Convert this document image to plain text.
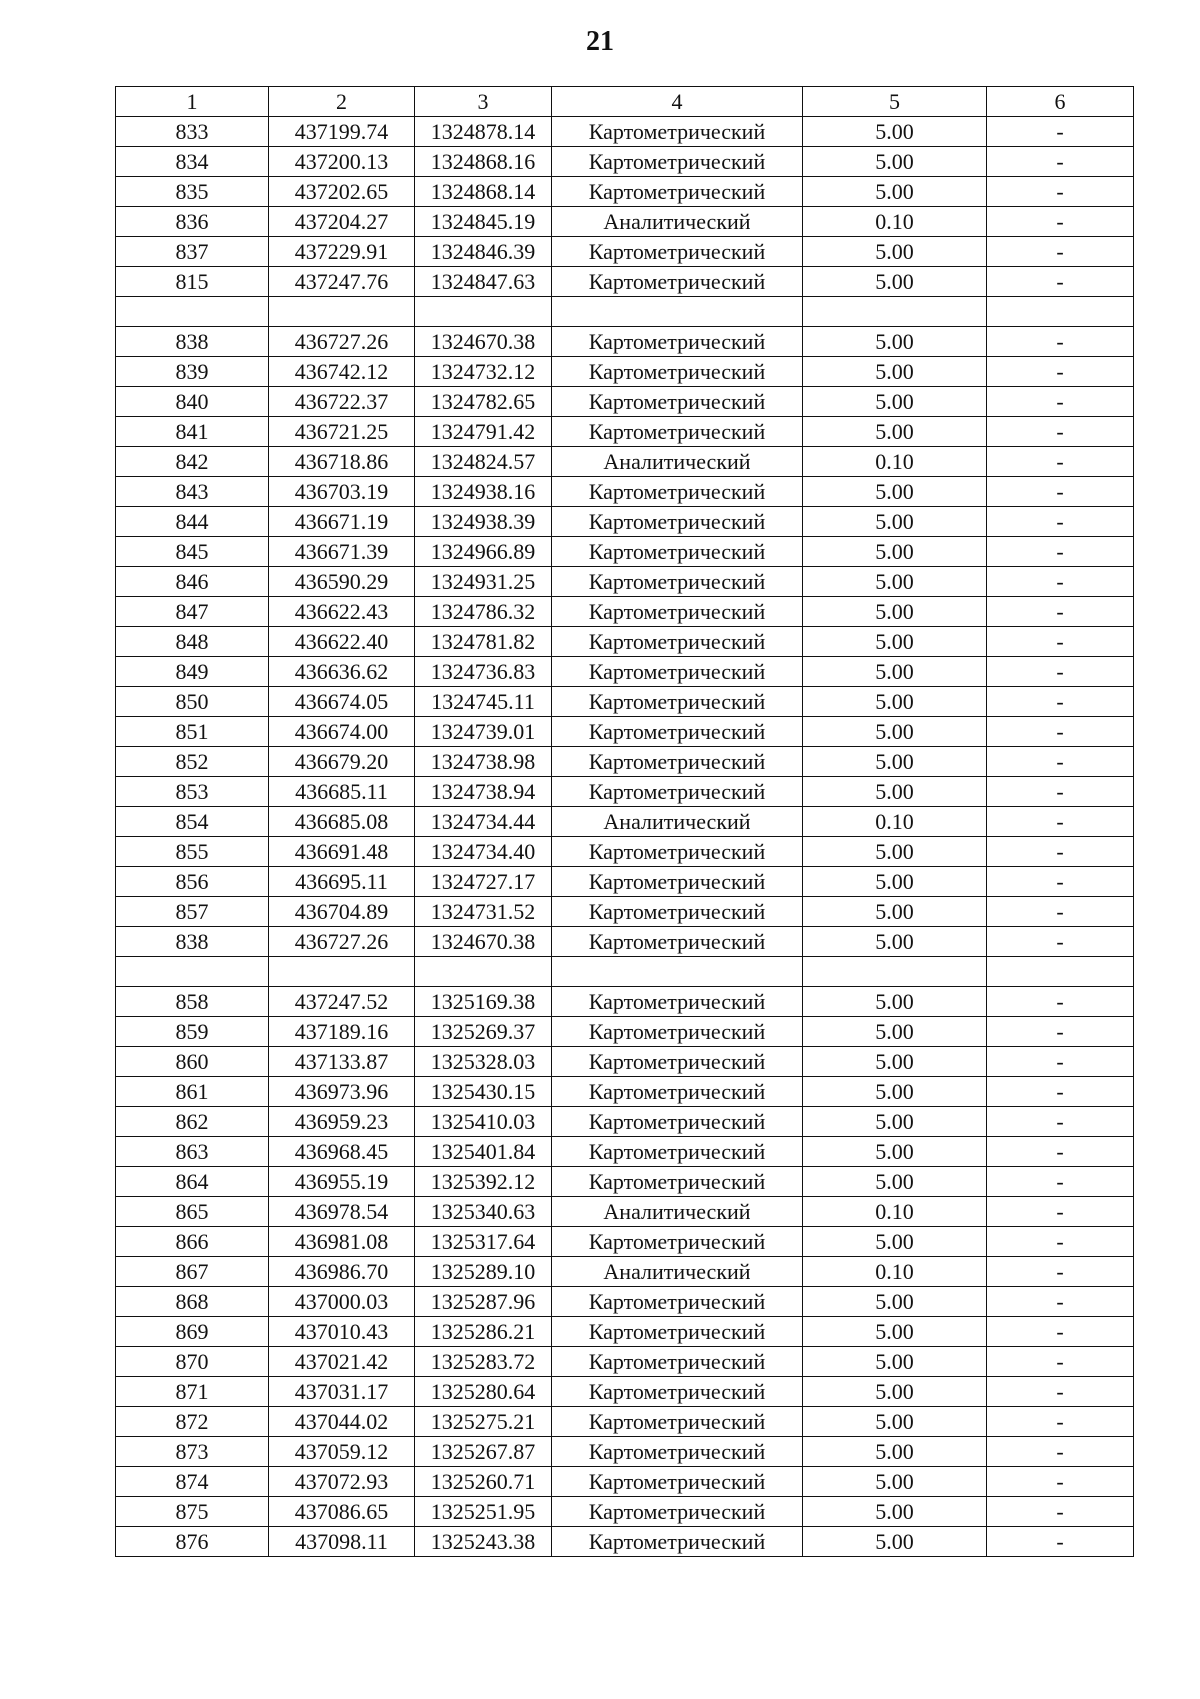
21
1	2	3	4	5	6
833	437199.74	1324878.14	Картометрический	5.00	-
834	437200.13	1324868.16	Картометрический	5.00	-
835	437202.65	1324868.14	Картометрический	5.00	-
836	437204.27	1324845.19	Аналитический	0.10	-
837	437229.91	1324846.39	Картометрический	5.00	-
815	437247.76	1324847.63	Картометрический	5.00	-

838	436727.26	1324670.38	Картометрический	5.00	-
839	436742.12	1324732.12	Картометрический	5.00	-
840	436722.37	1324782.65	Картометрический	5.00	-
841	436721.25	1324791.42	Картометрический	5.00	-
842	436718.86	1324824.57	Аналитический	0.10	-
843	436703.19	1324938.16	Картометрический	5.00	-
844	436671.19	1324938.39	Картометрический	5.00	-
845	436671.39	1324966.89	Картометрический	5.00	-
846	436590.29	1324931.25	Картометрический	5.00	-
847	436622.43	1324786.32	Картометрический	5.00	-
848	436622.40	1324781.82	Картометрический	5.00	-
849	436636.62	1324736.83	Картометрический	5.00	-
850	436674.05	1324745.11	Картометрический	5.00	-
851	436674.00	1324739.01	Картометрический	5.00	-
852	436679.20	1324738.98	Картометрический	5.00	-
853	436685.11	1324738.94	Картометрический	5.00	-
854	436685.08	1324734.44	Аналитический	0.10	-
855	436691.48	1324734.40	Картометрический	5.00	-
856	436695.11	1324727.17	Картометрический	5.00	-
857	436704.89	1324731.52	Картометрический	5.00	-
838	436727.26	1324670.38	Картометрический	5.00	-

858	437247.52	1325169.38	Картометрический	5.00	-
859	437189.16	1325269.37	Картометрический	5.00	-
860	437133.87	1325328.03	Картометрический	5.00	-
861	436973.96	1325430.15	Картометрический	5.00	-
862	436959.23	1325410.03	Картометрический	5.00	-
863	436968.45	1325401.84	Картометрический	5.00	-
864	436955.19	1325392.12	Картометрический	5.00	-
865	436978.54	1325340.63	Аналитический	0.10	-
866	436981.08	1325317.64	Картометрический	5.00	-
867	436986.70	1325289.10	Аналитический	0.10	-
868	437000.03	1325287.96	Картометрический	5.00	-
869	437010.43	1325286.21	Картометрический	5.00	-
870	437021.42	1325283.72	Картометрический	5.00	-
871	437031.17	1325280.64	Картометрический	5.00	-
872	437044.02	1325275.21	Картометрический	5.00	-
873	437059.12	1325267.87	Картометрический	5.00	-
874	437072.93	1325260.71	Картометрический	5.00	-
875	437086.65	1325251.95	Картометрический	5.00	-
876	437098.11	1325243.38	Картометрический	5.00	-
